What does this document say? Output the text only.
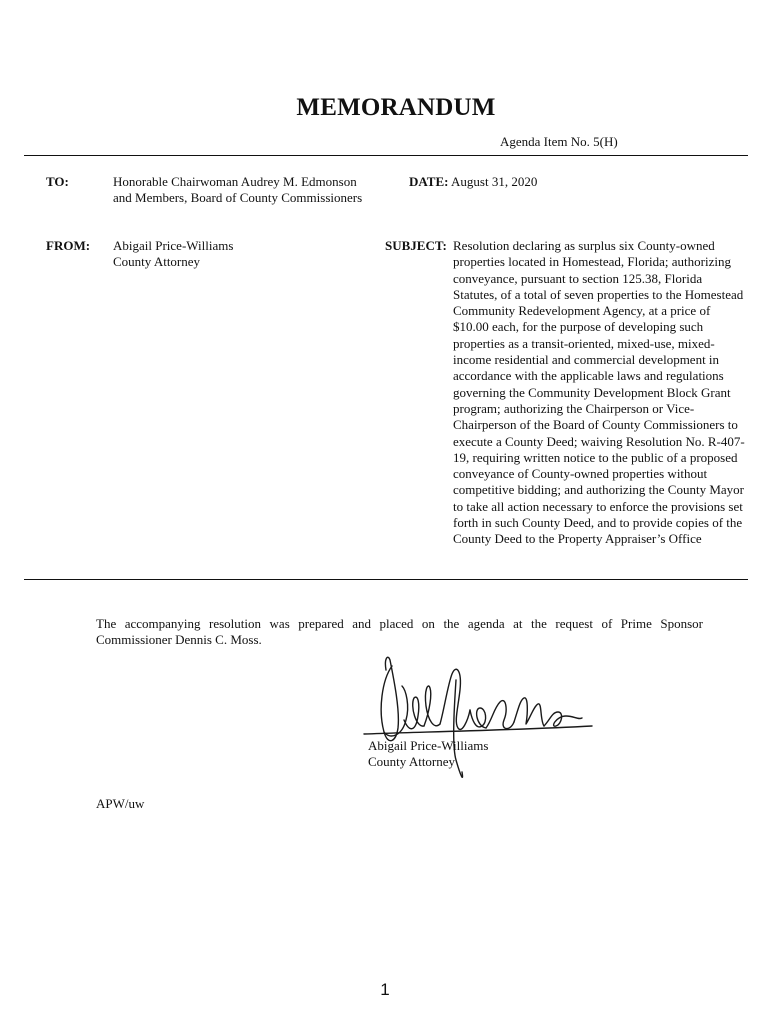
MEMORANDUM
Agenda Item No. 5(H)
TO:	Honorable Chairwoman Audrey M. Edmonson
and Members, Board of County Commissioners
DATE: August 31, 2020
FROM: Abigail Price-Williams
County Attorney
SUBJECT: Resolution declaring as surplus six County-owned properties located in Homestead, Florida; authorizing conveyance, pursuant to section 125.38, Florida Statutes, of a total of seven properties to the Homestead Community Redevelopment Agency, at a price of $10.00 each, for the purpose of developing such properties as a transit-oriented, mixed-use, mixed-income residential and commercial development in accordance with the applicable laws and regulations governing the Community Development Block Grant program; authorizing the Chairperson or Vice-Chairperson of the Board of County Commissioners to execute a County Deed; waiving Resolution No. R-407-19, requiring written notice to the public of a proposed conveyance of County-owned properties without competitive bidding; and authorizing the County Mayor to take all action necessary to enforce the provisions set forth in such County Deed, and to provide copies of the County Deed to the Property Appraiser’s Office
The accompanying resolution was prepared and placed on the agenda at the request of Prime Sponsor Commissioner Dennis C. Moss.
Abigail Price-Williams
County Attorney
APW/uw
1
